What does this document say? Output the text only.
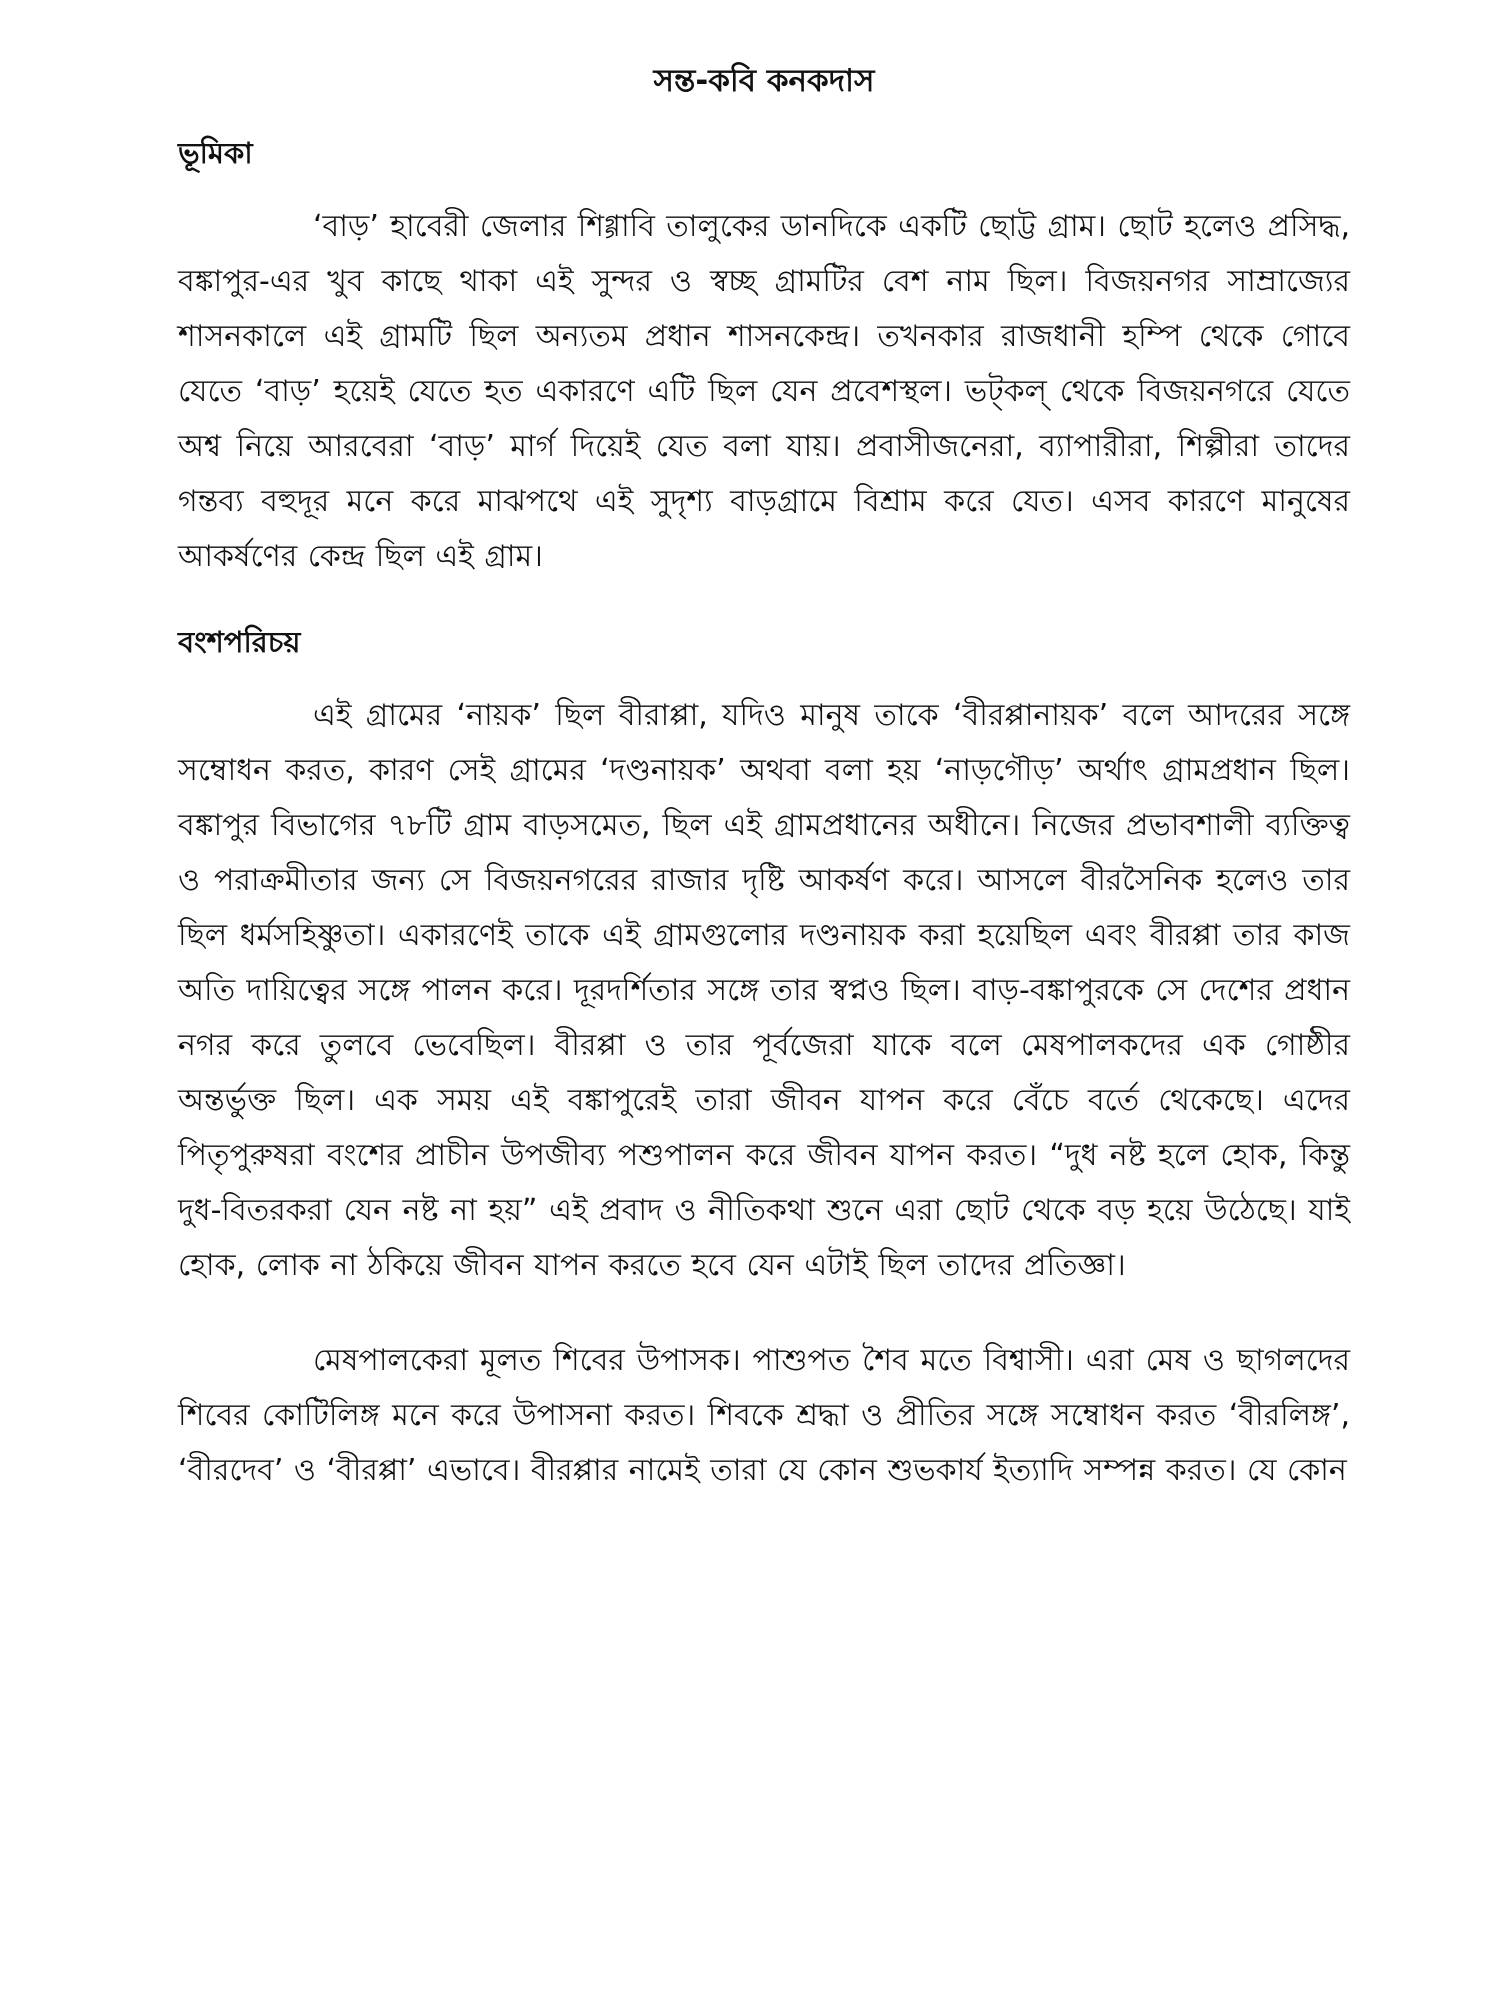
সন্ত-কবি কনকদাস
ভূমিকা

‘বাড়’ হাবেরী জেলার শিগ্গাবি তালুকের ডানদিকে একটি ছোট্ট গ্রাম। ছোট হলেও প্রসিদ্ধ, বঙ্কাপুর-এর খুব কাছে থাকা এই সুন্দর ও স্বচ্ছ গ্রামটির বেশ নাম ছিল। বিজয়নগর সাম্রাজ্যের শাসনকালে এই গ্রামটি ছিল অন্যতম প্রধান শাসনকেন্দ্র। তখনকার রাজধানী হম্পি থেকে গোবে যেতে ‘বাড়’ হয়েই যেতে হত একারণে এটি ছিল যেন প্রবেশস্থল। ভট্‌কল্‌ থেকে বিজয়নগরে যেতে অশ্ব নিয়ে আরবেরা ‘বাড়’ মার্গ দিয়েই যেত বলা যায়। প্রবাসীজনেরা, ব্যাপারীরা, শিল্পীরা তাদের গন্তব্য বহুদূর মনে করে মাঝপথে এই সুদৃশ্য বাড়গ্রামে বিশ্রাম করে যেত। এসব কারণে মানুষের আকর্ষণের কেন্দ্র ছিল এই গ্রাম।

বংশপরিচয়

এই গ্রামের ‘নায়ক’ ছিল বীরাপ্পা, যদিও মানুষ তাকে ‘বীরপ্পানায়ক’ বলে আদরের সঙ্গে সম্বোধন করত, কারণ সেই গ্রামের ‘দণ্ডনায়ক’ অথবা বলা হয় ‘নাড়গৌড়’ অর্থাৎ গ্রামপ্রধান ছিল। বঙ্কাপুর বিভাগের ৭৮টি গ্রাম বাড়সমেত, ছিল এই গ্রামপ্রধানের অধীনে। নিজের প্রভাবশালী ব্যক্তিত্ব ও পরাক্রমীতার জন্য সে বিজয়নগরের রাজার দৃষ্টি আকর্ষণ করে। আসলে বীরসৈনিক হলেও তার ছিল ধর্মসহিষ্ণুতা। একারণেই তাকে এই গ্রামগুলোর দণ্ডনায়ক করা হয়েছিল এবং বীরপ্পা তার কাজ অতি দায়িত্বের সঙ্গে পালন করে। দূরদর্শিতার সঙ্গে তার স্বপ্নও ছিল। বাড়-বঙ্কাপুরকে সে দেশের প্রধান নগর করে তুলবে ভেবেছিল। বীরপ্পা ও তার পূর্বজেরা যাকে বলে মেষপালকদের এক গোষ্ঠীর অন্তর্ভুক্ত ছিল। এক সময় এই বঙ্কাপুরেই তারা জীবন যাপন করে বেঁচে বর্তে থেকেছে। এদের পিতৃপুরুষরা বংশের প্রাচীন উপজীব্য পশুপালন করে জীবন যাপন করত। “দুধ নষ্ট হলে হোক, কিন্তু দুধ-বিতরকরা যেন নষ্ট না হয়” এই প্রবাদ ও নীতিকথা শুনে এরা ছোট থেকে বড় হয়ে উঠেছে। যাই হোক, লোক না ঠকিয়ে জীবন যাপন করতে হবে যেন এটাই ছিল তাদের প্রতিজ্ঞা।

মেষপালকেরা মূলত শিবের উপাসক। পাশুপত শৈব মতে বিশ্বাসী। এরা মেষ ও ছাগলদের শিবের কোটিলিঙ্গ মনে করে উপাসনা করত। শিবকে শ্রদ্ধা ও প্রীতির সঙ্গে সম্বোধন করত ‘বীরলিঙ্গ’, ‘বীরদেব’ ও ‘বীরপ্পা’ এভাবে। বীরপ্পার নামেই তারা যে কোন শুভকার্য ইত্যাদি সম্পন্ন করত। যে কোন
